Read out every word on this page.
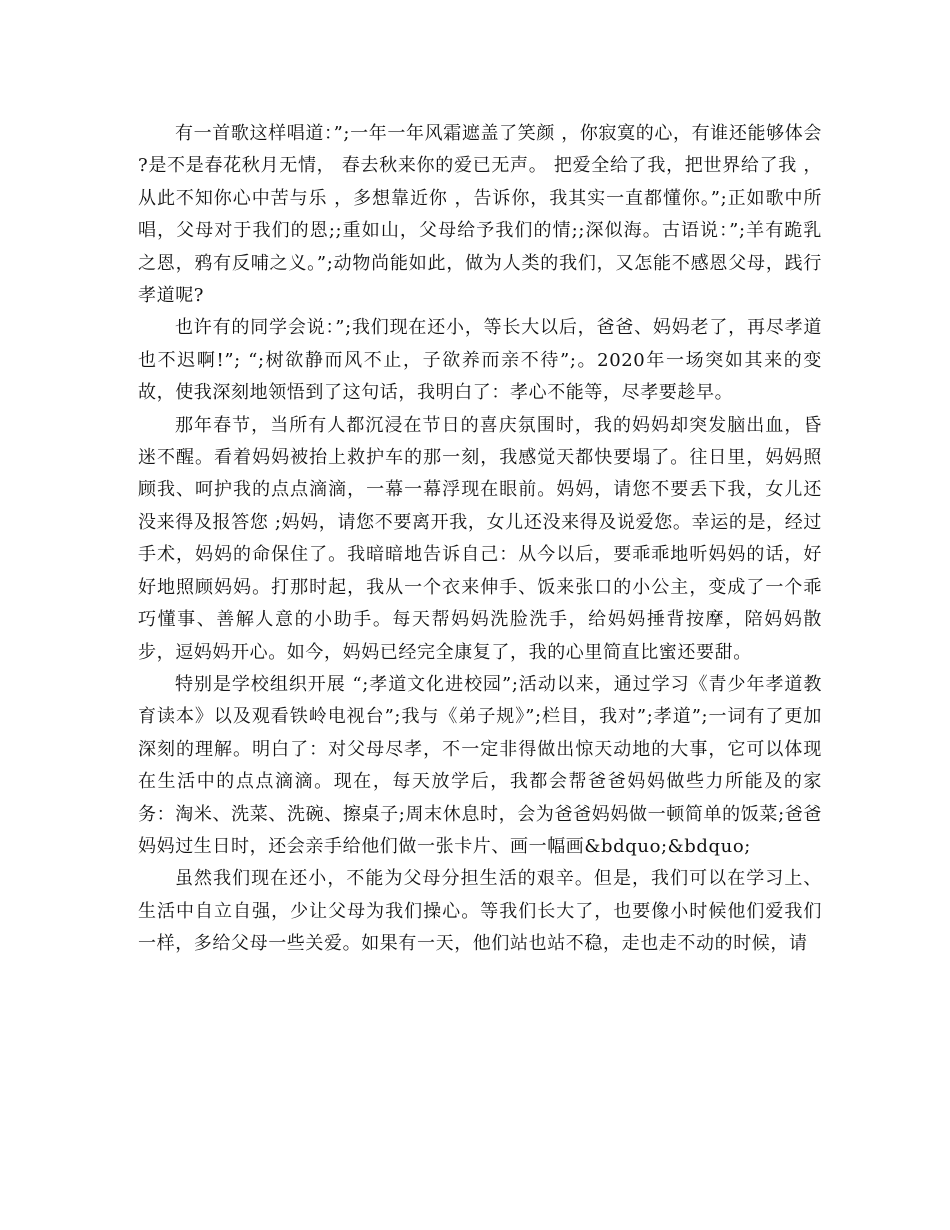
有一首歌这样唱道：”;一年一年风霜遮盖了笑颜 ，你寂寞的心，有谁还能够体会 ?是不是春花秋月无情， 春去秋来你的爱已无声。 把爱全给了我，把世界给了我 ，从此不知你心中苦与乐 ，多想靠近你 ，告诉你，我其实一直都懂你。”;正如歌中所唱，父母对于我们的恩;;重如山，父母给予我们的情;;深似海。古语说：”;羊有跪乳之恩，鸦有反哺之义。”;动物尚能如此，做为人类的我们，又怎能不感恩父母，践行孝道呢?

也许有的同学会说：”;我们现在还小，等长大以后，爸爸、妈妈老了，再尽孝道也不迟啊!”; “;树欲静而风不止，子欲养而亲不待”;。2020年一场突如其来的变故，使我深刻地领悟到了这句话，我明白了：孝心不能等，尽孝要趁早。

那年春节，当所有人都沉浸在节日的喜庆氛围时，我的妈妈却突发脑出血，昏迷不醒。看着妈妈被抬上救护车的那一刻，我感觉天都快要塌了。往日里，妈妈照顾我、呵护我的点点滴滴，一幕一幕浮现在眼前。妈妈，请您不要丢下我，女儿还没来得及报答您 ;妈妈，请您不要离开我，女儿还没来得及说爱您。幸运的是，经过手术，妈妈的命保住了。我暗暗地告诉自己：从今以后，要乖乖地听妈妈的话，好好地照顾妈妈。打那时起，我从一个衣来伸手、饭来张口的小公主，变成了一个乖巧懂事、善解人意的小助手。每天帮妈妈洗脸洗手，给妈妈捶背按摩，陪妈妈散步，逗妈妈开心。如今，妈妈已经完全康复了，我的心里简直比蜜还要甜。

特别是学校组织开展 “;孝道文化进校园”;活动以来，通过学习《青少年孝道教育读本》以及观看铁岭电视台”;我与《弟子规》”;栏目，我对”;孝道”;一词有了更加深刻的理解。明白了：对父母尽孝，不一定非得做出惊天动地的大事，它可以体现在生活中的点点滴滴。现在，每天放学后，我都会帮爸爸妈妈做些力所能及的家务：淘米、洗菜、洗碗、擦桌子;周末休息时，会为爸爸妈妈做一顿简单的饭菜;爸爸妈妈过生日时，还会亲手给他们做一张卡片、画一幅画&bdquo;&bdquo;

虽然我们现在还小，不能为父母分担生活的艰辛。但是，我们可以在学习上、生活中自立自强，少让父母为我们操心。等我们长大了，也要像小时候他们爱我们一样，多给父母一些关爱。如果有一天，他们站也站不稳，走也走不动的时候，请
